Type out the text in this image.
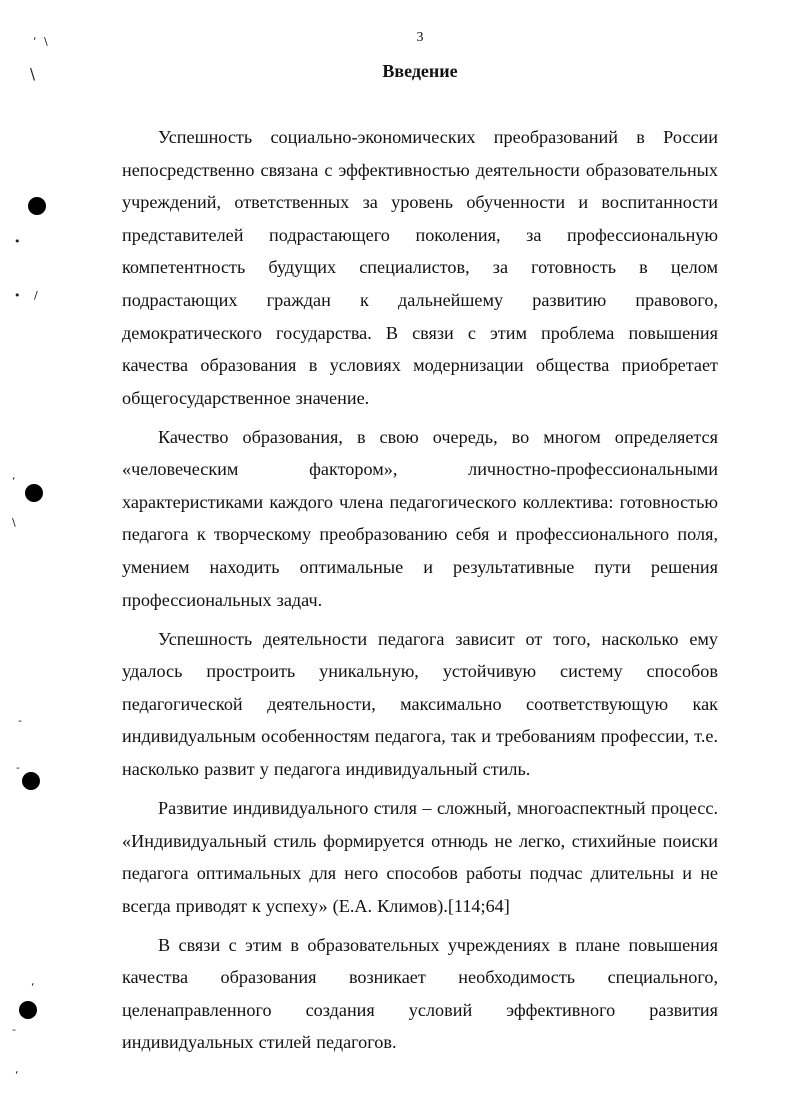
3
Введение

Успешность социально-экономических преобразований в России непосредственно связана с эффективностью деятельности образовательных учреждений, ответственных за уровень обученности и воспитанности представителей подрастающего поколения, за профессиональную компетентность будущих специалистов, за готовность в целом подрастающих граждан к дальнейшему развитию правового, демократического государства. В связи с этим проблема повышения качества образования в условиях модернизации общества приобретает общегосударственное значение.

Качество образования, в свою очередь, во многом определяется «человеческим фактором», личностно-профессиональными характеристиками каждого члена педагогического коллектива: готовностью педагога к творческому преобразованию себя и профессионального поля, умением находить оптимальные и результативные пути решения профессиональных задач.

Успешность деятельности педагога зависит от того, насколько ему удалось простроить уникальную, устойчивую систему способов педагогической деятельности, максимально соответствующую как индивидуальным особенностям педагога, так и требованиям профессии, т.е. насколько развит у педагога индивидуальный стиль.

Развитие индивидуального стиля – сложный, многоаспектный процесс. «Индивидуальный стиль формируется отнюдь не легко, стихийные поиски педагога оптимальных для него способов работы подчас длительны и не всегда приводят к успеху» (Е.А. Климов).[114;64]

В связи с этим в образовательных учреждениях в плане повышения качества образования возникает необходимость специального, целенаправленного создания условий эффективного развития индивидуальных стилей педагогов.

, \
\
•
• /
‘
\
-
-
‘
-
‘
